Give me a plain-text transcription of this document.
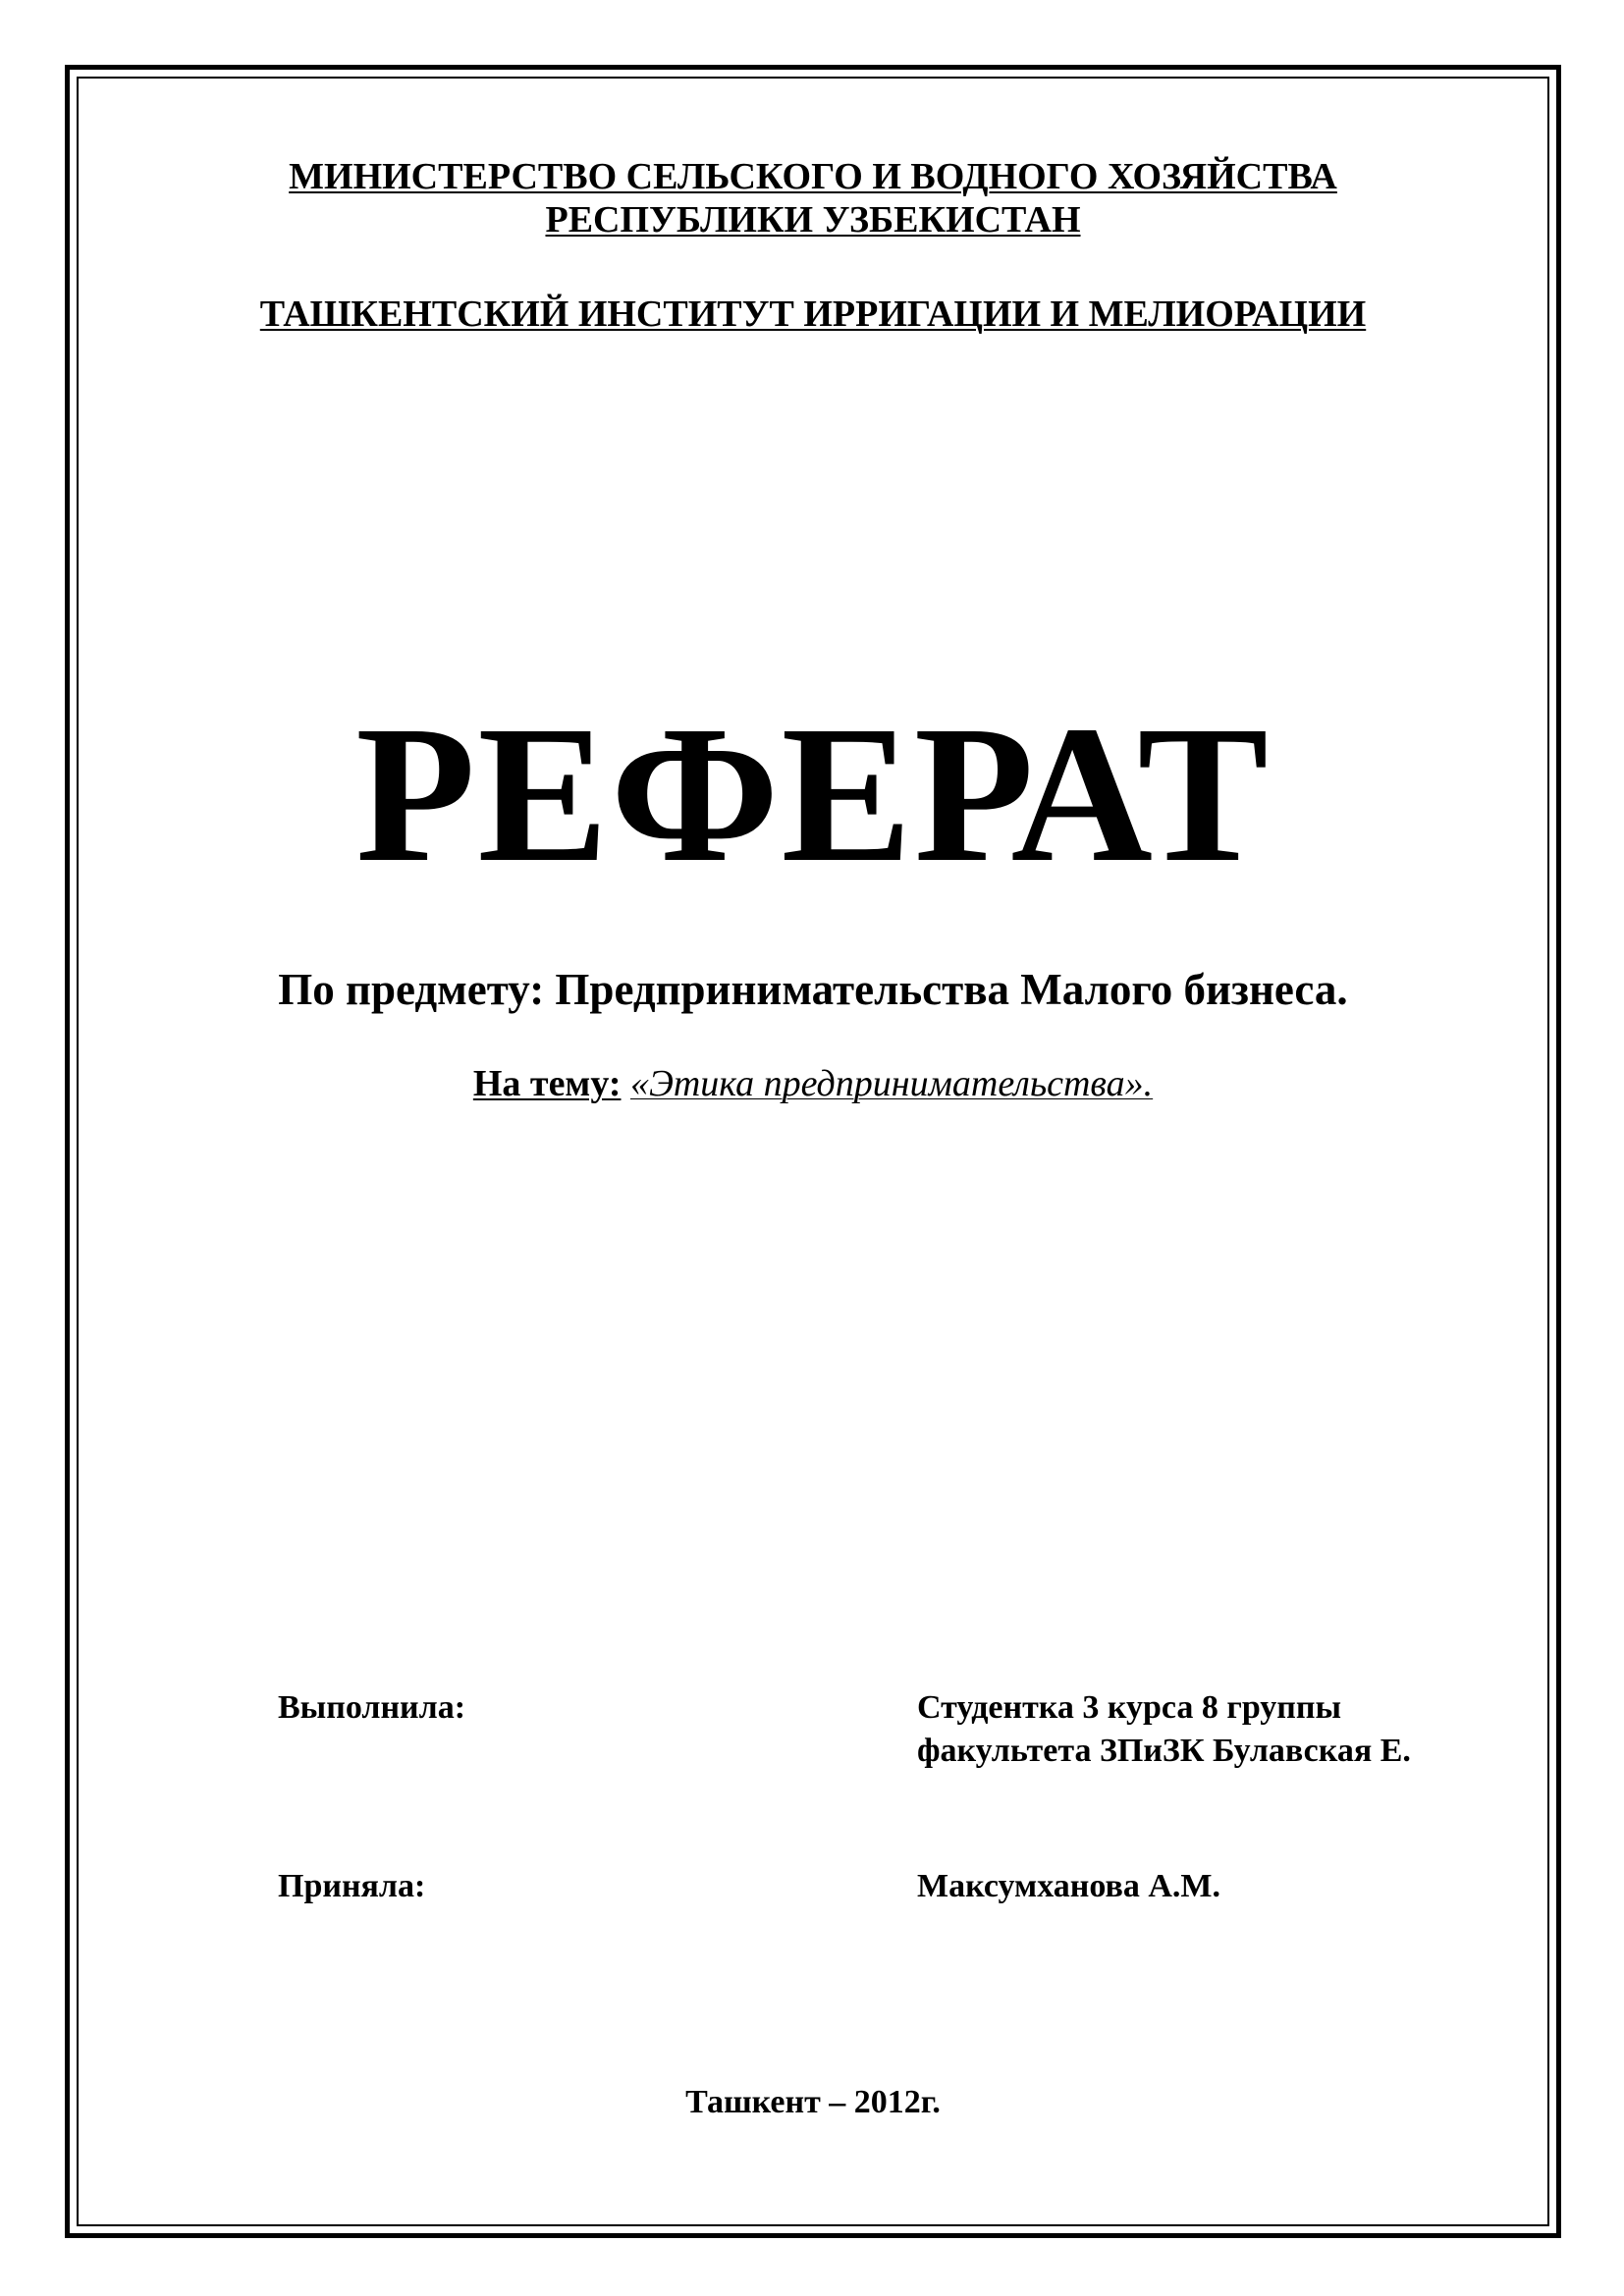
МИНИСТЕРСТВО СЕЛЬСКОГО И ВОДНОГО ХОЗЯЙСТВА
РЕСПУБЛИКИ УЗБЕКИСТАН
ТАШКЕНТСКИЙ ИНСТИТУТ ИРРИГАЦИИ И МЕЛИОРАЦИИ
РЕФЕРАТ
По предмету: Предпринимательства Малого бизнеса.
На тему: «Этика предпринимательства».
Выполнила:	Студентка 3 курса 8 группы
факультета ЗПиЗК Булавская Е.
Приняла:	Максумханова А.М.
Ташкент – 2012г.
